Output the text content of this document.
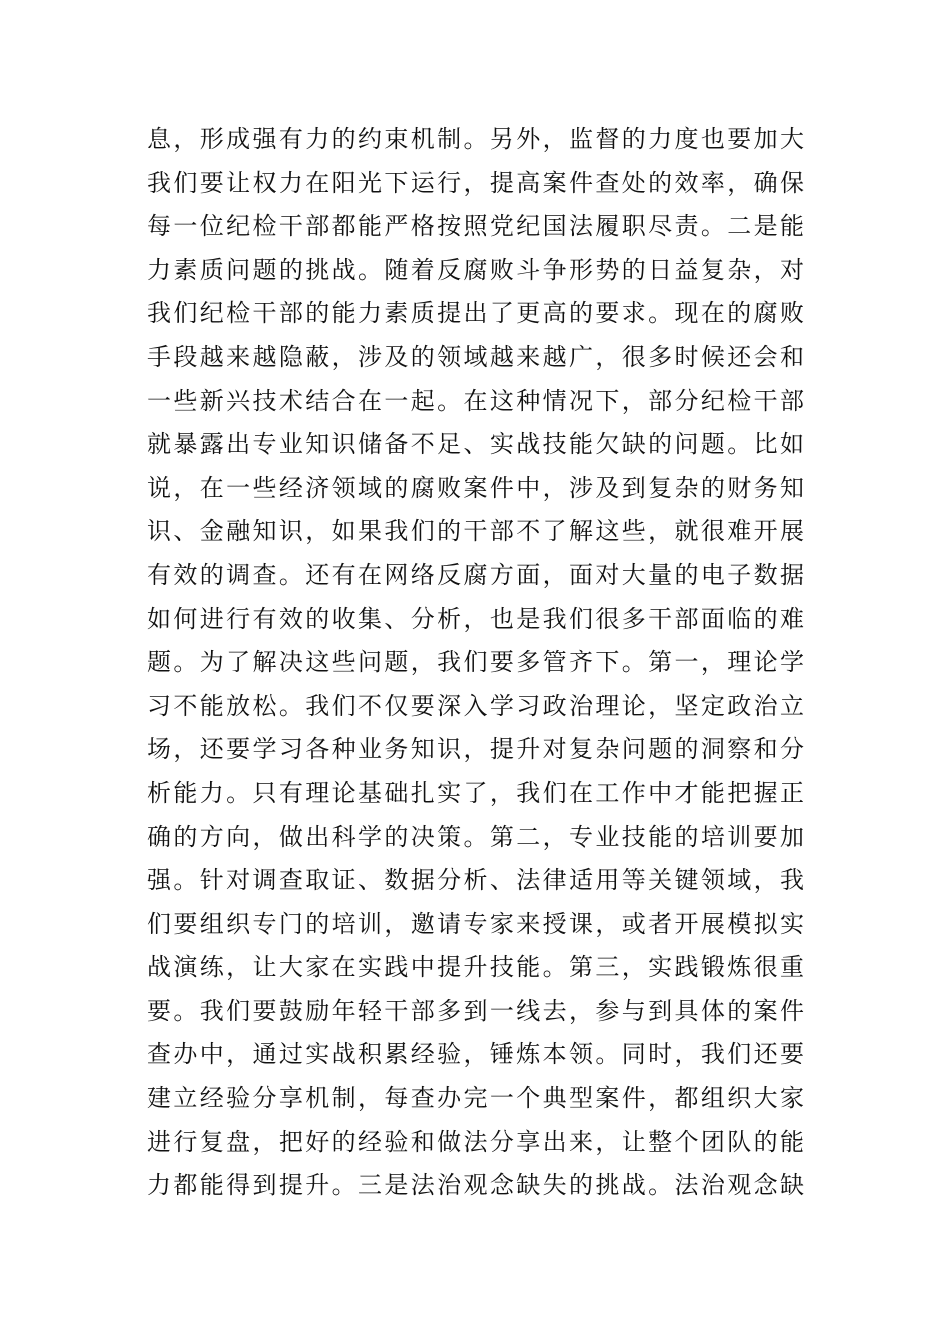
息，形成强有力的约束机制。另外，监督的力度也要加大
我们要让权力在阳光下运行，提高案件查处的效率，确保
每一位纪检干部都能严格按照党纪国法履职尽责。二是能
力素质问题的挑战。随着反腐败斗争形势的日益复杂，对
我们纪检干部的能力素质提出了更高的要求。现在的腐败
手段越来越隐蔽，涉及的领域越来越广，很多时候还会和
一些新兴技术结合在一起。在这种情况下，部分纪检干部
就暴露出专业知识储备不足、实战技能欠缺的问题。比如
说，在一些经济领域的腐败案件中，涉及到复杂的财务知
识、金融知识，如果我们的干部不了解这些，就很难开展
有效的调查。还有在网络反腐方面，面对大量的电子数据
如何进行有效的收集、分析，也是我们很多干部面临的难
题。为了解决这些问题，我们要多管齐下。第一，理论学
习不能放松。我们不仅要深入学习政治理论，坚定政治立
场，还要学习各种业务知识，提升对复杂问题的洞察和分
析能力。只有理论基础扎实了，我们在工作中才能把握正
确的方向，做出科学的决策。第二，专业技能的培训要加
强。针对调查取证、数据分析、法律适用等关键领域，我
们要组织专门的培训，邀请专家来授课，或者开展模拟实
战演练，让大家在实践中提升技能。第三，实践锻炼很重
要。我们要鼓励年轻干部多到一线去，参与到具体的案件
查办中，通过实战积累经验，锤炼本领。同时，我们还要
建立经验分享机制，每查办完一个典型案件，都组织大家
进行复盘，把好的经验和做法分享出来，让整个团队的能
力都能得到提升。三是法治观念缺失的挑战。法治观念缺
